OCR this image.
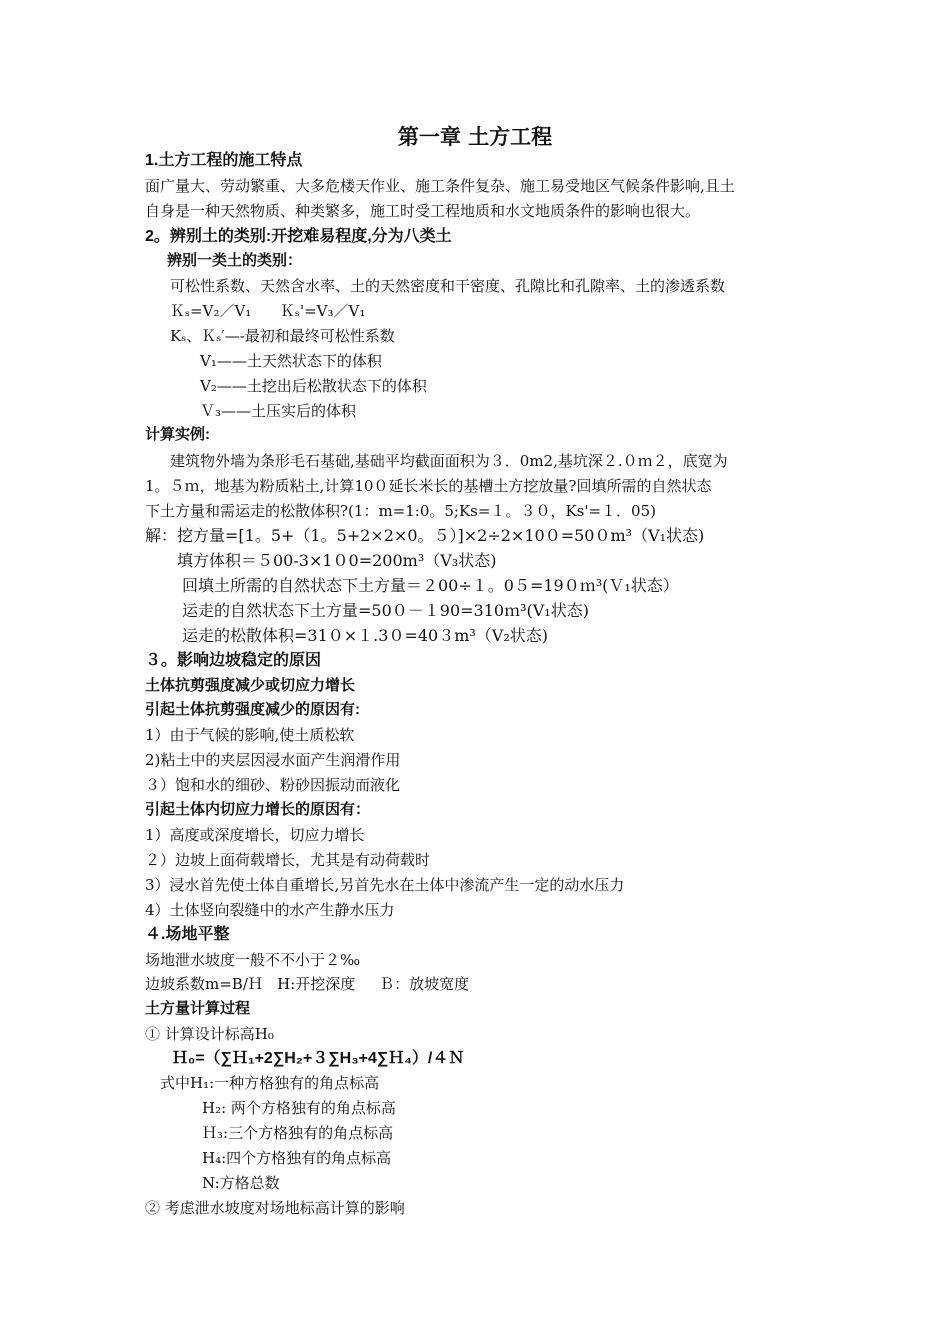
第一章 土方工程
1.土方工程的施工特点
面广量大、劳动繁重、大多危楼天作业、施工条件复杂、施工易受地区气候条件影响,且土
自身是一种天然物质、种类繁多，施工时受工程地质和水文地质条件的影响也很大。
2。辨别土的类别:开挖难易程度,分为八类土
辨别一类土的类别：
可松性系数、天然含水率、土的天然密度和干密度、孔隙比和孔隙率、土的渗透系数
Ｋₛ=V₂／V₁      Ｋₛ'=V₃／V₁
Kₛ、Ｋₛ′—-最初和最终可松性系数
V₁——土天然状态下的体积
V₂——土挖出后松散状态下的体积
Ｖ₃——土压实后的体积
计算实例:
建筑物外墙为条形毛石基础,基础平均截面面积为３．0m2,基坑深２.０ｍ２，底宽为
1。５ｍ，地基为粉质粘土,计算10０延长米长的基槽土方挖放量?回填所需的自然状态
下土方量和需运走的松散体积?(1：m=1:0。5;Ks=１。３０，Ks'=１．05)
解：挖方量=[1。5+（1。5+2×2×0。５）]×2÷2×10０=50０m³（V₁状态)
填方体积＝５00-3×1０0=200m³（V₃状态)
回填土所需的自然状态下土方量＝２00÷１。0５=19０ｍ³(Ｖ₁状态）
运走的自然状态下土方量=50０－１90=310ｍ³(V₁状态)
运走的松散体积=31０×１.3０=40３m³（V₂状态)
３。影响边坡稳定的原因
土体抗剪强度减少或切应力增长
引起土体抗剪强度减少的原因有:
1）由于气候的影响,使土质松软
2)粘土中的夹层因浸水面产生润滑作用
３）饱和水的细砂、粉砂因振动而液化
引起土体内切应力增长的原因有：
1）高度或深度增长，切应力增长
２）边坡上面荷载增长，尤其是有动荷载时
3）浸水首先使土体自重增长,另首先水在土体中渗流产生一定的动水压力
4）土体竖向裂缝中的水产生静水压力
４.场地平整
场地泄水坡度一般不不小于２‰
边坡系数m=B/Ｈ   H:开挖深度     Ｂ：放坡宽度
土方量计算过程
① 计算设计标高H₀
Ｈ₀=（∑Ｈ₁+2∑H₂+３∑H₃+4∑Ｈ₄）/４Ｎ
式中H₁:一种方格独有的角点标高
H₂: 两个方格独有的角点标高
Ｈ₃:三个方格独有的角点标高
H₄:四个方格独有的角点标高
N:方格总数
② 考虑泄水坡度对场地标高计算的影响
